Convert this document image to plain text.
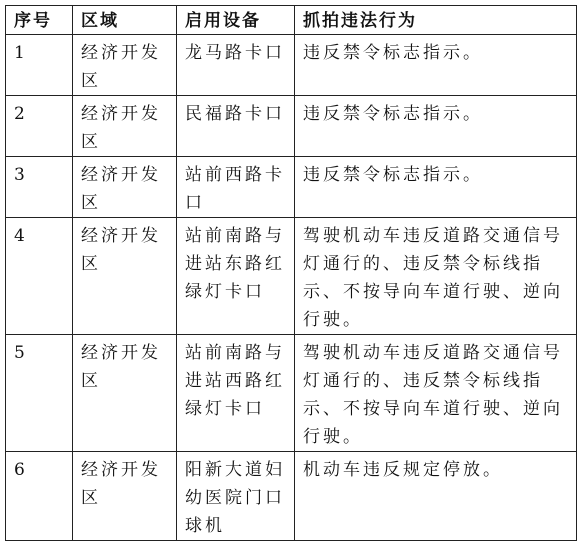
序号	区域	启用设备	抓拍违法行为
1	经济开发区	龙马路卡口	违反禁令标志指示。
2	经济开发区	民福路卡口	违反禁令标志指示。
3	经济开发区	站前西路卡口	违反禁令标志指示。
4	经济开发区	站前南路与进站东路红绿灯卡口	驾驶机动车违反道路交通信号灯通行的、违反禁令标线指示、不按导向车道行驶、逆向行驶。
5	经济开发区	站前南路与进站西路红绿灯卡口	驾驶机动车违反道路交通信号灯通行的、违反禁令标线指示、不按导向车道行驶、逆向行驶。
6	经济开发区	阳新大道妇幼医院门口球机	机动车违反规定停放。
